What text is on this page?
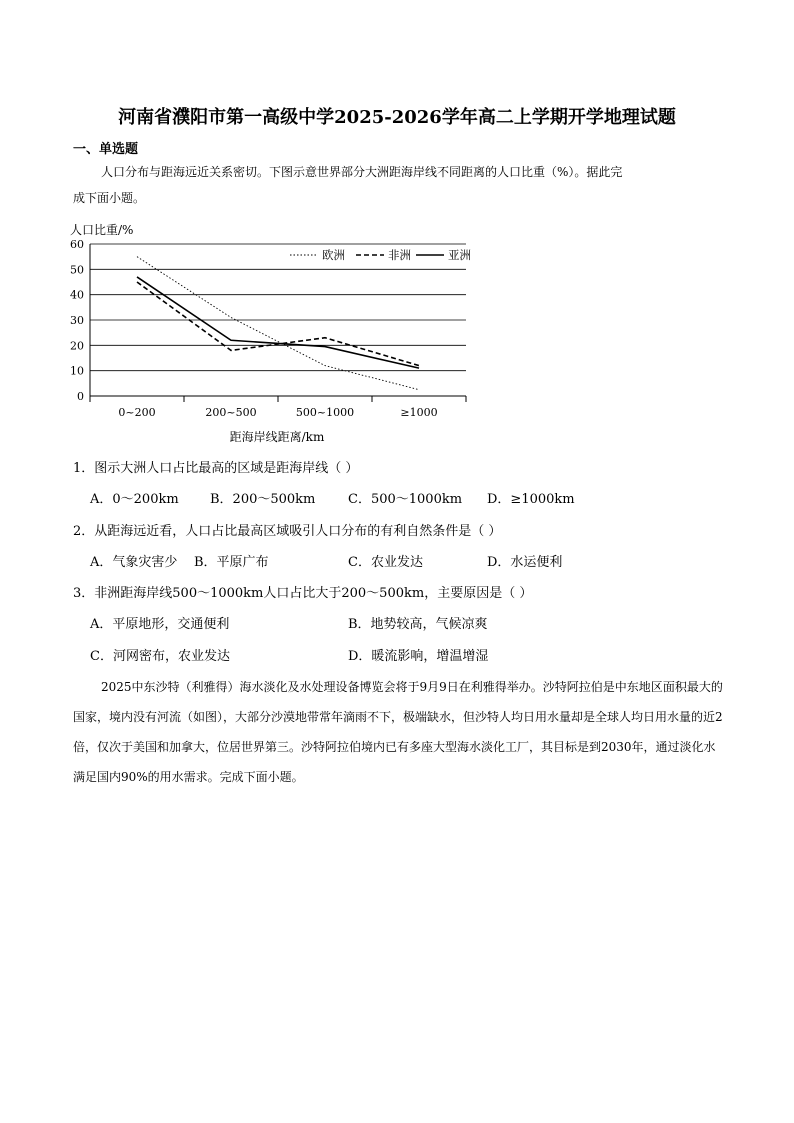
河南省濮阳市第一高级中学2025-2026学年高二上学期开学地理试题
一、单选题

人口分布与距海远近关系密切。下图示意世界部分大洲距海岸线不同距离的人口比重（%）。据此完

成下面小题。

人口比重/%
0
10
20
30
40
50
60
0~200	200~500	500~1000	≥1000
欧洲	非洲	亚洲
距海岸线距离/km
1．图示大洲人口占比最高的区域是距海岸线（ ）
A．0～200km B．200～500km	C．500～1000km D．≥1000km
2．从距海远近看，人口占比最高区域吸引人口分布的有利自然条件是（ ）
A．气象灾害少 B．平原广布	C．农业发达	D．水运便利
3．非洲距海岸线500～1000km人口占比大于200～500km，主要原因是（ ）
A．平原地形，交通便利	B．地势较高，气候凉爽
C．河网密布，农业发达	D．暖流影响，增温增湿

2025中东沙特（利雅得）海水淡化及水处理设备博览会将于9月9日在利雅得举办。沙特阿拉伯是中东地区面积最大的国家，境内没有河流（如图），大部分沙漠地带常年滴雨不下，极端缺水，但沙特人均日用水量却是全球人均日用水量的近2倍，仅次于美国和加拿大，位居世界第三。沙特阿拉伯境内已有多座大型海水淡化工厂，其目标是到2030年，通过淡化水满足国内90%的用水需求。完成下面小题。
